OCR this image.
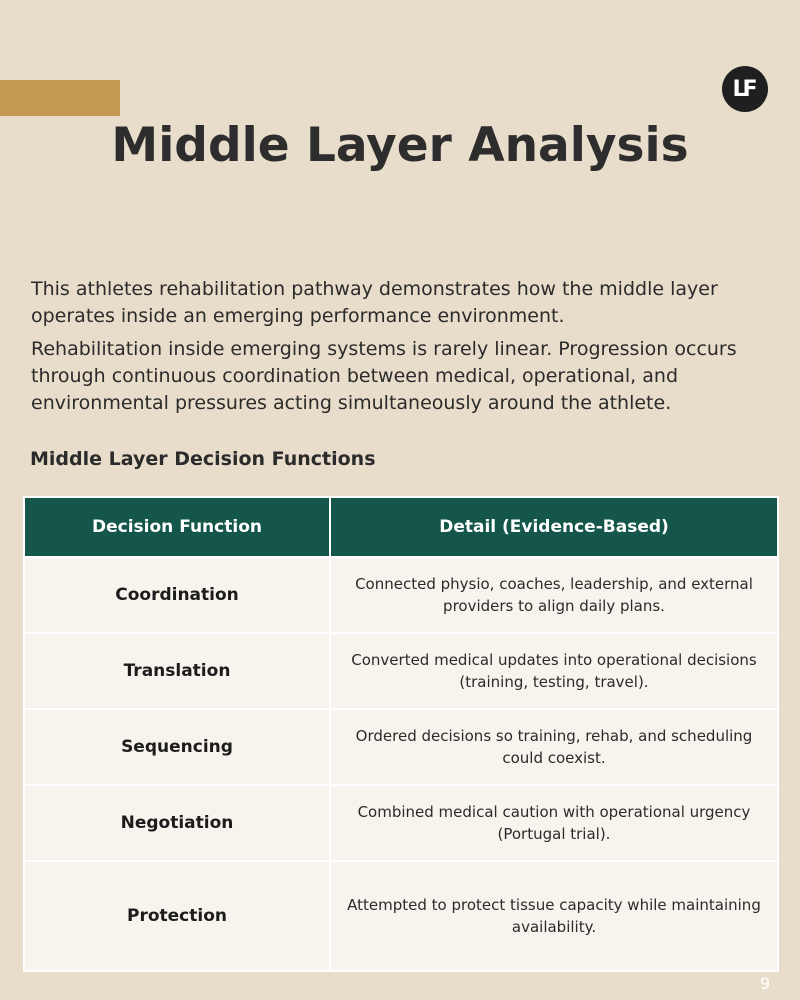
LF
Middle Layer Analysis

This athletes rehabilitation pathway demonstrates how the middle layer operates inside an emerging performance environment.

Rehabilitation inside emerging systems is rarely linear. Progression occurs through continuous coordination between medical, operational, and environmental pressures acting simultaneously around the athlete.

Middle Layer Decision Functions
Decision Function	Detail (Evidence-Based)
Coordination	Connected physio, coaches, leadership, and external providers to align daily plans.
Translation	Converted medical updates into operational decisions (training, testing, travel).
Sequencing	Ordered decisions so training, rehab, and scheduling could coexist.
Negotiation	Combined medical caution with operational urgency (Portugal trial).
Protection	Attempted to protect tissue capacity while maintaining availability.
9
